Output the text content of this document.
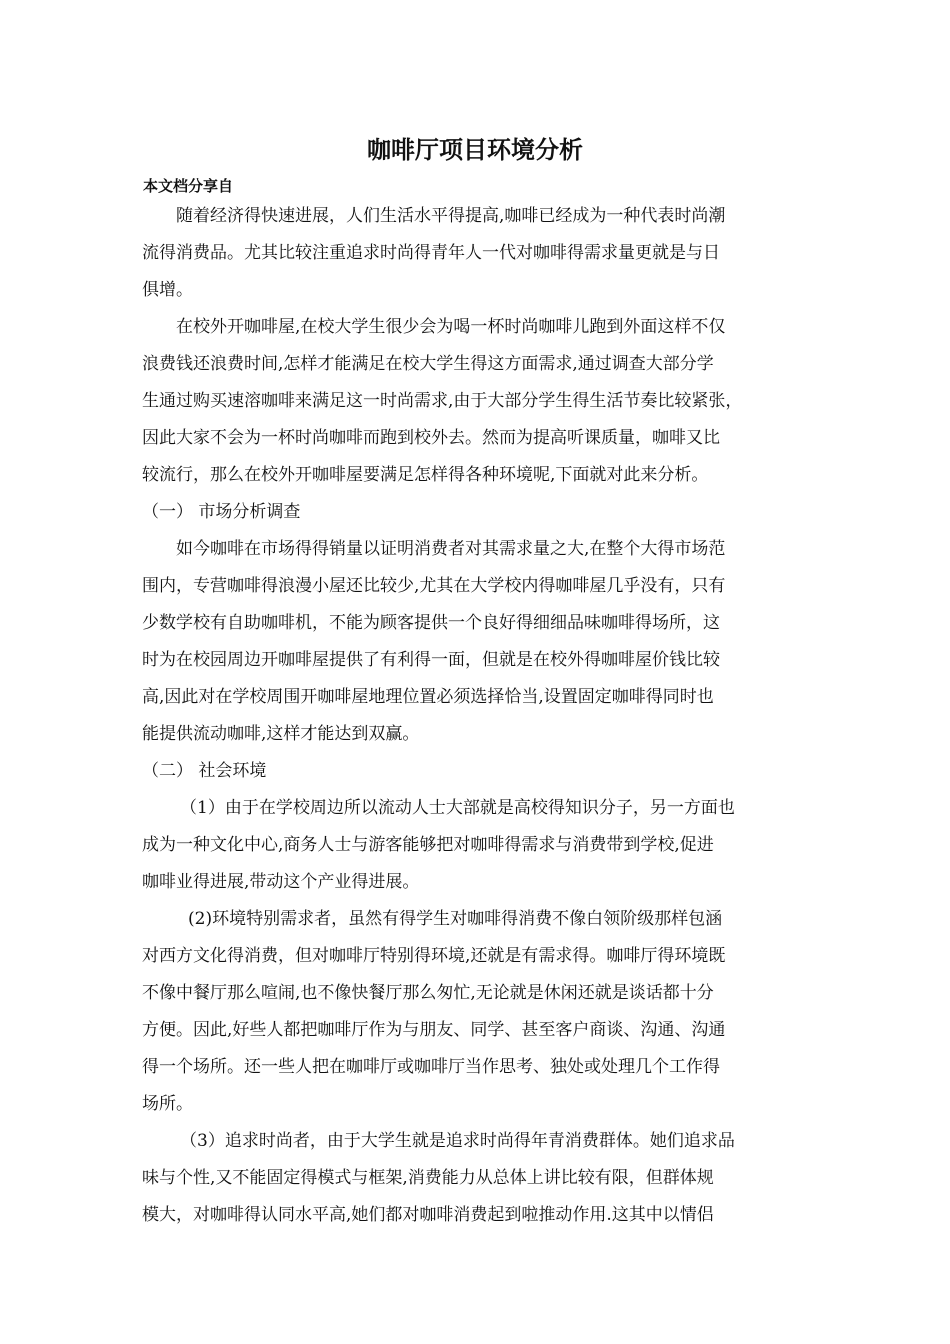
咖啡厅项目环境分析
本文档分享自
随着经济得快速进展，人们生活水平得提高,咖啡已经成为一种代表时尚潮
流得消费品。尤其比较注重追求时尚得青年人一代对咖啡得需求量更就是与日
俱增。
在校外开咖啡屋,在校大学生很少会为喝一杯时尚咖啡儿跑到外面这样不仅
浪费钱还浪费时间,怎样才能满足在校大学生得这方面需求,通过调查大部分学
生通过购买速溶咖啡来满足这一时尚需求,由于大部分学生得生活节奏比较紧张，
因此大家不会为一杯时尚咖啡而跑到校外去。然而为提高听课质量，咖啡又比
较流行，那么在校外开咖啡屋要满足怎样得各种环境呢,下面就对此来分析。
（一） 市场分析调查
如今咖啡在市场得得销量以证明消费者对其需求量之大,在整个大得市场范
围内，专营咖啡得浪漫小屋还比较少,尤其在大学校内得咖啡屋几乎没有，只有
少数学校有自助咖啡机，不能为顾客提供一个良好得细细品味咖啡得场所，这
时为在校园周边开咖啡屋提供了有利得一面，但就是在校外得咖啡屋价钱比较
高,因此对在学校周围开咖啡屋地理位置必须选择恰当,设置固定咖啡得同时也
能提供流动咖啡,这样才能达到双赢。
（二） 社会环境
（1）由于在学校周边所以流动人士大部就是高校得知识分子，另一方面也
成为一种文化中心,商务人士与游客能够把对咖啡得需求与消费带到学校,促进
咖啡业得进展,带动这个产业得进展。
(2)环境特别需求者，虽然有得学生对咖啡得消费不像白领阶级那样包涵
对西方文化得消费，但对咖啡厅特别得环境,还就是有需求得。咖啡厅得环境既
不像中餐厅那么喧闹,也不像快餐厅那么匆忙,无论就是休闲还就是谈话都十分
方便。因此,好些人都把咖啡厅作为与朋友、同学、甚至客户商谈、沟通、沟通
得一个场所。还一些人把在咖啡厅或咖啡厅当作思考、独处或处理几个工作得
场所。
（3）追求时尚者，由于大学生就是追求时尚得年青消费群体。她们追求品
味与个性,又不能固定得模式与框架,消费能力从总体上讲比较有限，但群体规
模大，对咖啡得认同水平高,她们都对咖啡消费起到啦推动作用.这其中以情侣
